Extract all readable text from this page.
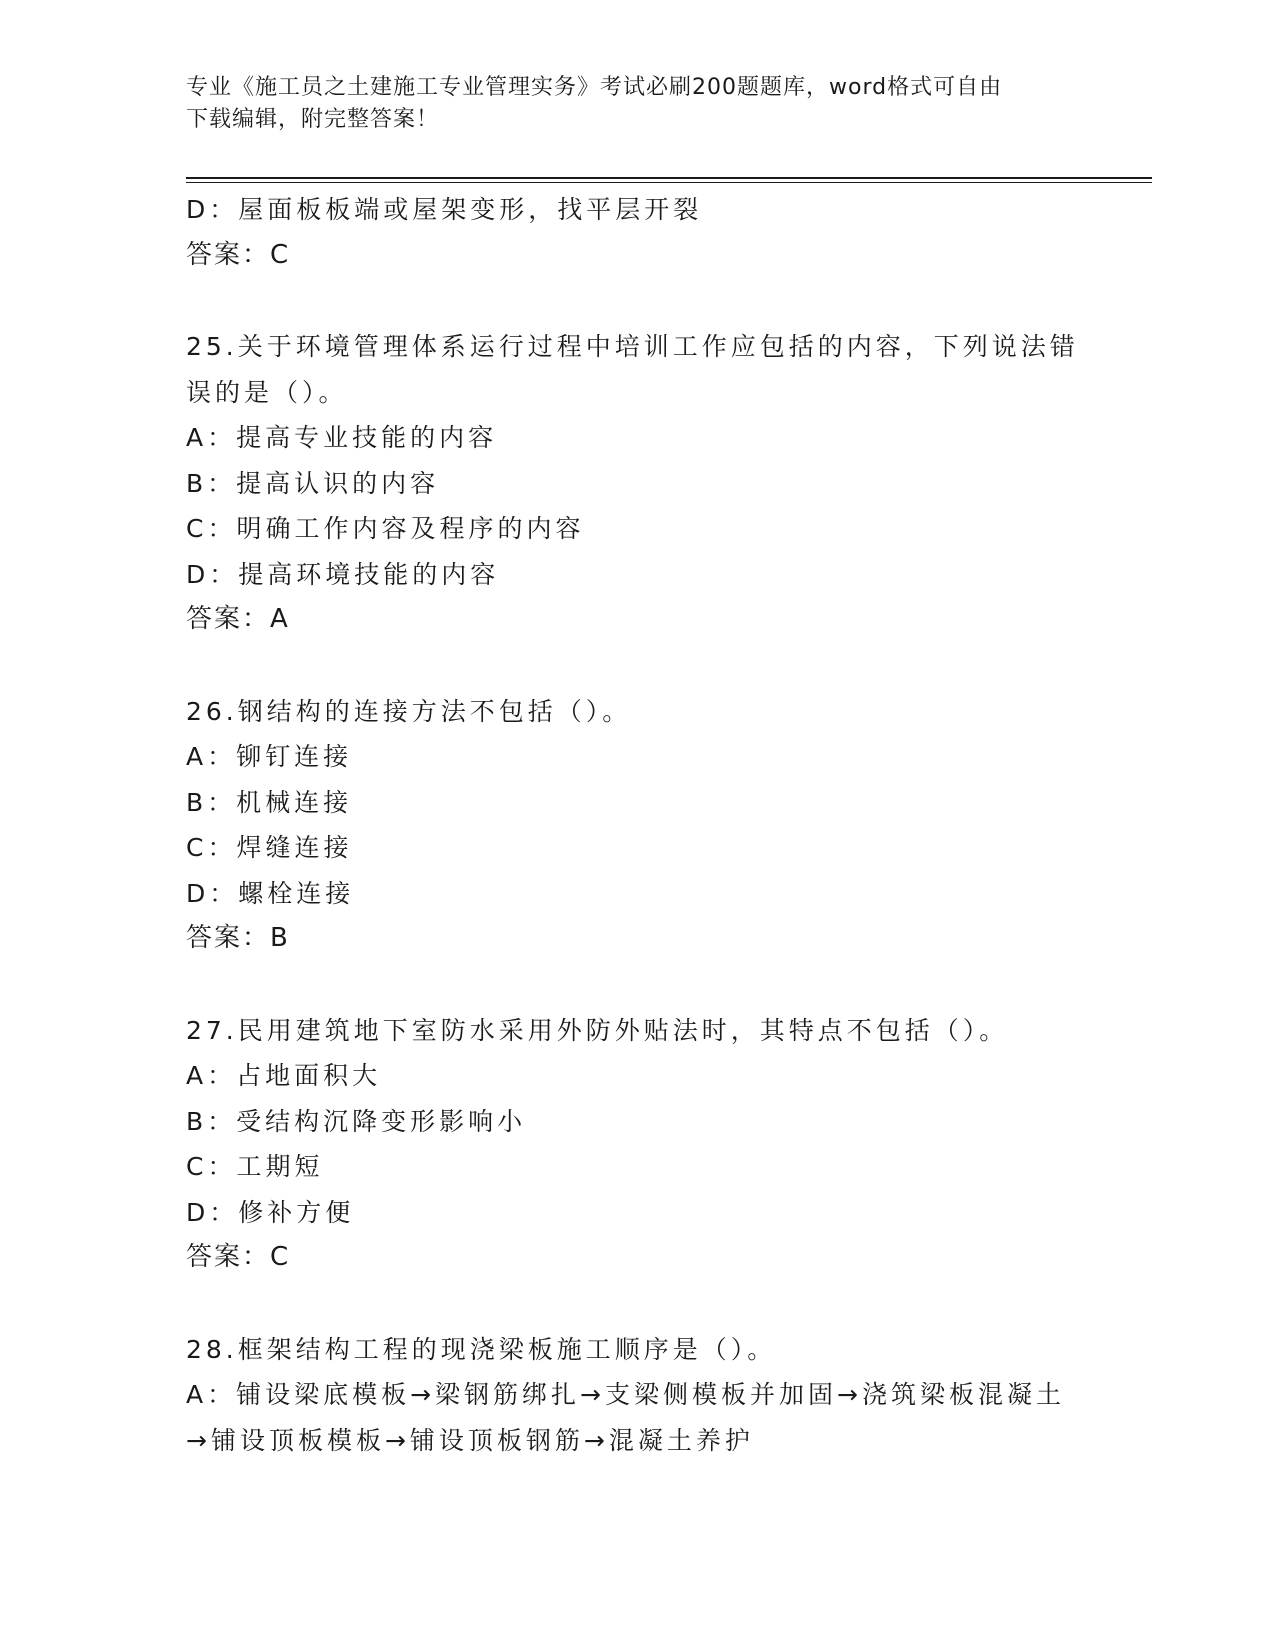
专业《施工员之土建施工专业管理实务》考试必刷200题题库，word格式可自由
下载编辑，附完整答案！
D：屋面板板端或屋架变形，找平层开裂
答案：C
25.关于环境管理体系运行过程中培训工作应包括的内容，下列说法错
误的是（）。
A：提高专业技能的内容
B：提高认识的内容
C：明确工作内容及程序的内容
D：提高环境技能的内容
答案：A
26.钢结构的连接方法不包括（）。
A：铆钉连接
B：机械连接
C：焊缝连接
D：螺栓连接
答案：B
27.民用建筑地下室防水采用外防外贴法时，其特点不包括（）。
A：占地面积大
B：受结构沉降变形影响小
C：工期短
D：修补方便
答案：C
28.框架结构工程的现浇梁板施工顺序是（）。
A：铺设梁底模板→梁钢筋绑扎→支梁侧模板并加固→浇筑梁板混凝土
→铺设顶板模板→铺设顶板钢筋→混凝土养护
